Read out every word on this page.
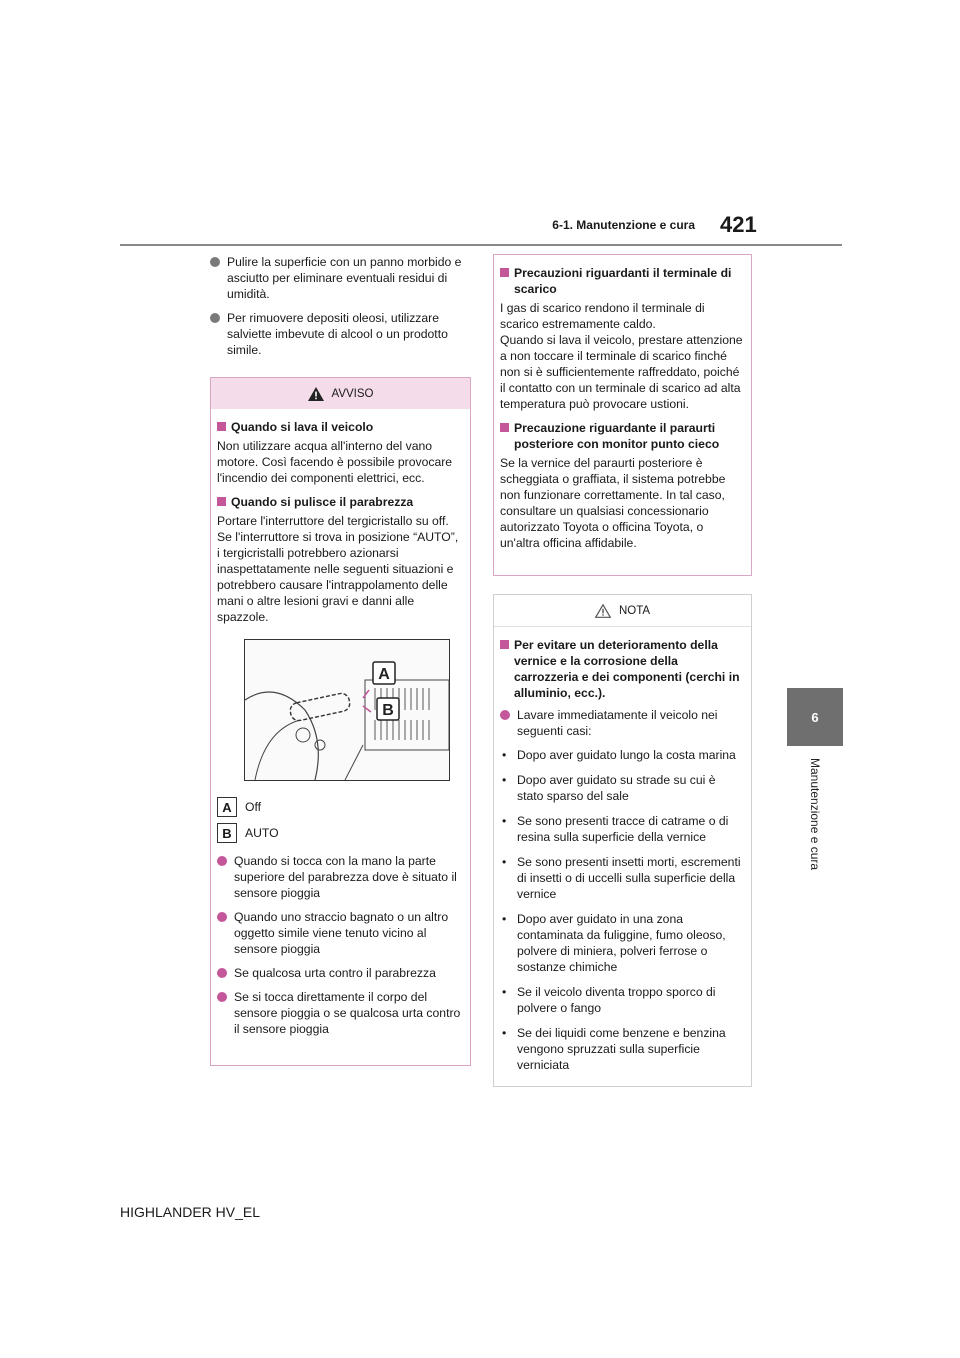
6-1. Manutenzione e cura 421
6
Manutenzione e cura
Pulire la superficie con un panno morbido e asciutto per eliminare eventuali residui di umidità.
Per rimuovere depositi oleosi, utilizzare salviette imbevute di alcool o un prodotto simile.
AVVISO
Quando si lava il veicolo
Non utilizzare acqua all'interno del vano motore. Così facendo è possibile provocare l'incendio dei componenti elettrici, ecc.
Quando si pulisce il parabrezza
Portare l'interruttore del tergicristallo su off.
Se l'interruttore si trova in posizione “AUTO”, i tergicristalli potrebbero azionarsi inaspettatamente nelle seguenti situazioni e potrebbero causare l'intrappolamento delle mani o altre lesioni gravi e danni alle spazzole.
A
B
A	Off
B	AUTO
Quando si tocca con la mano la parte superiore del parabrezza dove è situato il sensore pioggia
Quando uno straccio bagnato o un altro oggetto simile viene tenuto vicino al sensore pioggia
Se qualcosa urta contro il parabrezza
Se si tocca direttamente il corpo del sensore pioggia o se qualcosa urta contro il sensore pioggia
Precauzioni riguardanti il terminale di scarico
I gas di scarico rendono il terminale di scarico estremamente caldo.
Quando si lava il veicolo, prestare attenzione a non toccare il terminale di scarico finché non si è sufficientemente raffreddato, poiché il contatto con un terminale di scarico ad alta temperatura può provocare ustioni.
Precauzione riguardante il paraurti posteriore con monitor punto cieco
Se la vernice del paraurti posteriore è scheggiata o graffiata, il sistema potrebbe non funzionare correttamente. In tal caso, consultare un qualsiasi concessionario autorizzato Toyota o officina Toyota, o un'altra officina affidabile.
NOTA
Per evitare un deterioramento della vernice e la corrosione della carrozzeria e dei componenti (cerchi in alluminio, ecc.).
Lavare immediatamente il veicolo nei seguenti casi:
• Dopo aver guidato lungo la costa marina
• Dopo aver guidato su strade su cui è stato sparso del sale
• Se sono presenti tracce di catrame o di resina sulla superficie della vernice
• Se sono presenti insetti morti, escrementi di insetti o di uccelli sulla superficie della vernice
• Dopo aver guidato in una zona contaminata da fuliggine, fumo oleoso, polvere di miniera, polveri ferrose o sostanze chimiche
• Se il veicolo diventa troppo sporco di polvere o fango
• Se dei liquidi come benzene e benzina vengono spruzzati sulla superficie verniciata
HIGHLANDER HV_EL
